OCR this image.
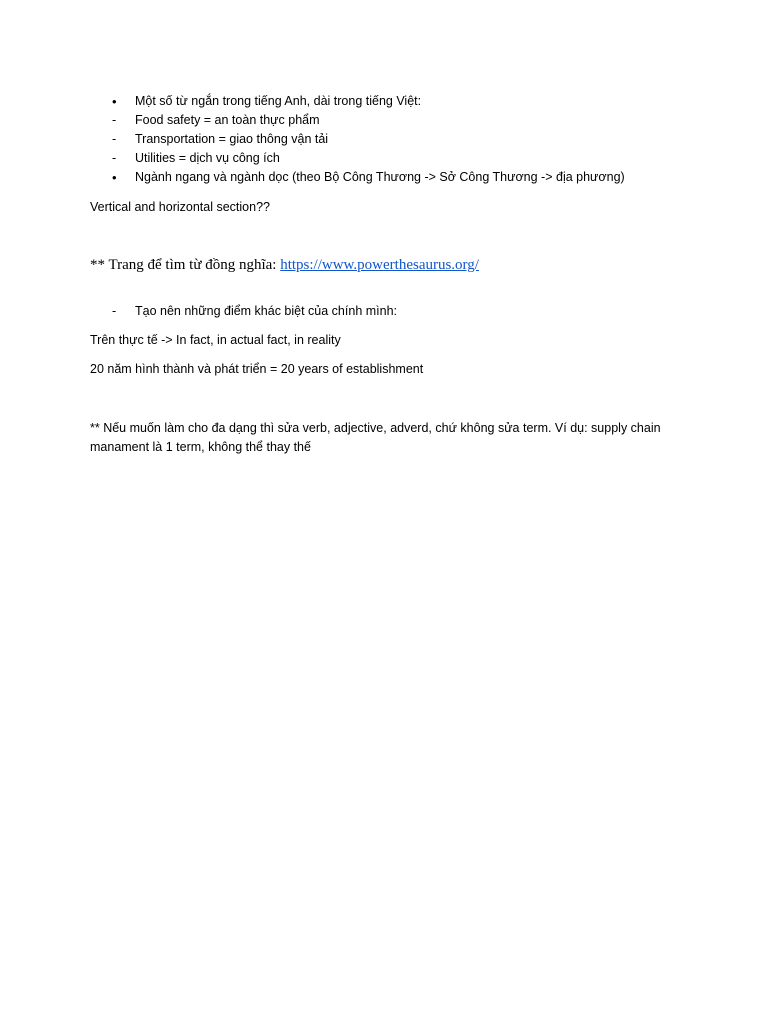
•	Một số từ ngắn trong tiếng Anh, dài trong tiếng Việt:
-	Food safety = an toàn thực phẩm
-	Transportation = giao thông vận tải
-	Utilities = dịch vụ công ích
•	Ngành ngang và ngành dọc (theo Bộ Công Thương -> Sở Công Thương -> địa phương)
Vertical and horizontal section??
** Trang để tìm từ đồng nghĩa: https://www.powerthesaurus.org/
-	Tạo nên những điểm khác biệt của chính mình:
Trên thực tế -> In fact, in actual fact, in reality
20 năm hình thành và phát triển = 20 years of establishment
** Nếu muốn làm cho đa dạng thì sửa verb, adjective, adverd, chứ không sửa term. Ví dụ: supply chain
manament là 1 term, không thể thay thế
